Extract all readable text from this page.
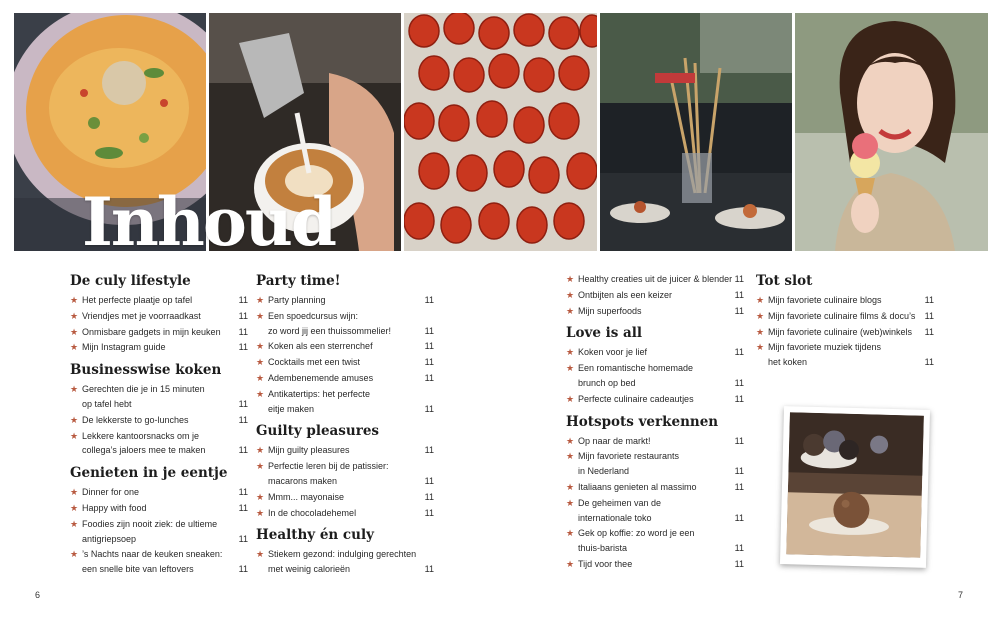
Inhoud
De culy lifestyle
★ Het perfecte plaatje op tafel	11
★ Vriendjes met je voorraadkast	11
★ Onmisbare gadgets in mijn keuken 11
★ Mijn Instagram guide	11
Businesswise koken
★ Gerechten die je in 15 minuten
op tafel hebt	11
★ De lekkerste to go-lunches	11
★ Lekkere kantoorsnacks om je
collega’s jaloers mee te maken	11
Genieten in je eentje
★ Dinner for one	11
★ Happy with food	11
★ Foodies zijn nooit ziek: de ultieme
antigriepsoep	11
★ ’s Nachts naar de keuken sneaken:
een snelle bite van leftovers	11
Party time!
★ Party planning	11
★ Een spoedcursus wijn:
zo word jij een thuissommelier!	11
★ Koken als een sterrenchef	11
★ Cocktails met een twist	11
★ Adembenemende amuses	11
★ Antikatertips: het perfecte
eitje maken	11
Guilty pleasures
★ Mijn guilty pleasures	11
★ Perfectie leren bij de patissier:
macarons maken	11
★ Mmm... mayonaise	11
★ In de chocoladehemel	11
Healthy én culy
★ Stiekem gezond: indulging gerechten
met weinig calorieën	11
★ Healthy creaties uit de juicer & blender 11
★ Ontbijten als een keizer	11
★ Mijn superfoods	11
Love is all
★ Koken voor je lief	11
★ Een romantische homemade
brunch op bed	11
★ Perfecte culinaire cadeautjes	11
Hotspots verkennen
★ Op naar de markt!	11
★ Mijn favoriete restaurants
in Nederland	11
★ Italiaans genieten al massimo	11
★ De geheimen van de
internationale toko	11
★ Gek op koffie: zo word je een
thuis-barista	11
★ Tijd voor thee	11
Tot slot
★ Mijn favoriete culinaire blogs	11
★ Mijn favoriete culinaire films & docu’s 11
★ Mijn favoriete culinaire (web)winkels 11
★ Mijn favoriete muziek tijdens
het koken	11
6	7
